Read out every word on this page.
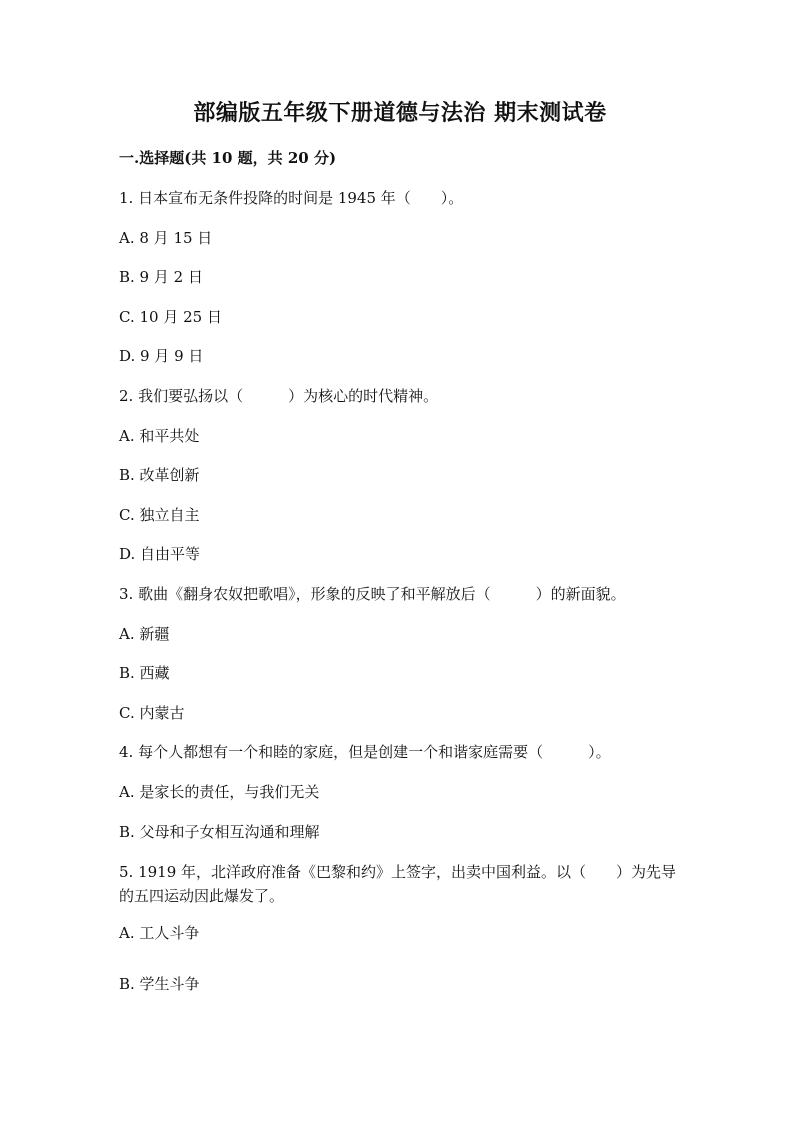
部编版五年级下册道德与法治 期末测试卷
一.选择题(共 10 题，共 20 分)
1. 日本宣布无条件投降的时间是 1945 年（　　）。
A. 8 月 15 日
B. 9 月 2 日
C. 10 月 25 日
D. 9 月 9 日
2. 我们要弘扬以（　　　）为核心的时代精神。
A. 和平共处
B. 改革创新
C. 独立自主
D. 自由平等
3. 歌曲《翻身农奴把歌唱》，形象的反映了和平解放后（　　　）的新面貌。
A. 新疆
B. 西藏
C. 内蒙古
4. 每个人都想有一个和睦的家庭，但是创建一个和谐家庭需要（　　　）。
A. 是家长的责任，与我们无关
B. 父母和子女相互沟通和理解
5. 1919 年，北洋政府准备《巴黎和约》上签字，出卖中国利益。以（　　）为先导的五四运动因此爆发了。
A. 工人斗争
B. 学生斗争
